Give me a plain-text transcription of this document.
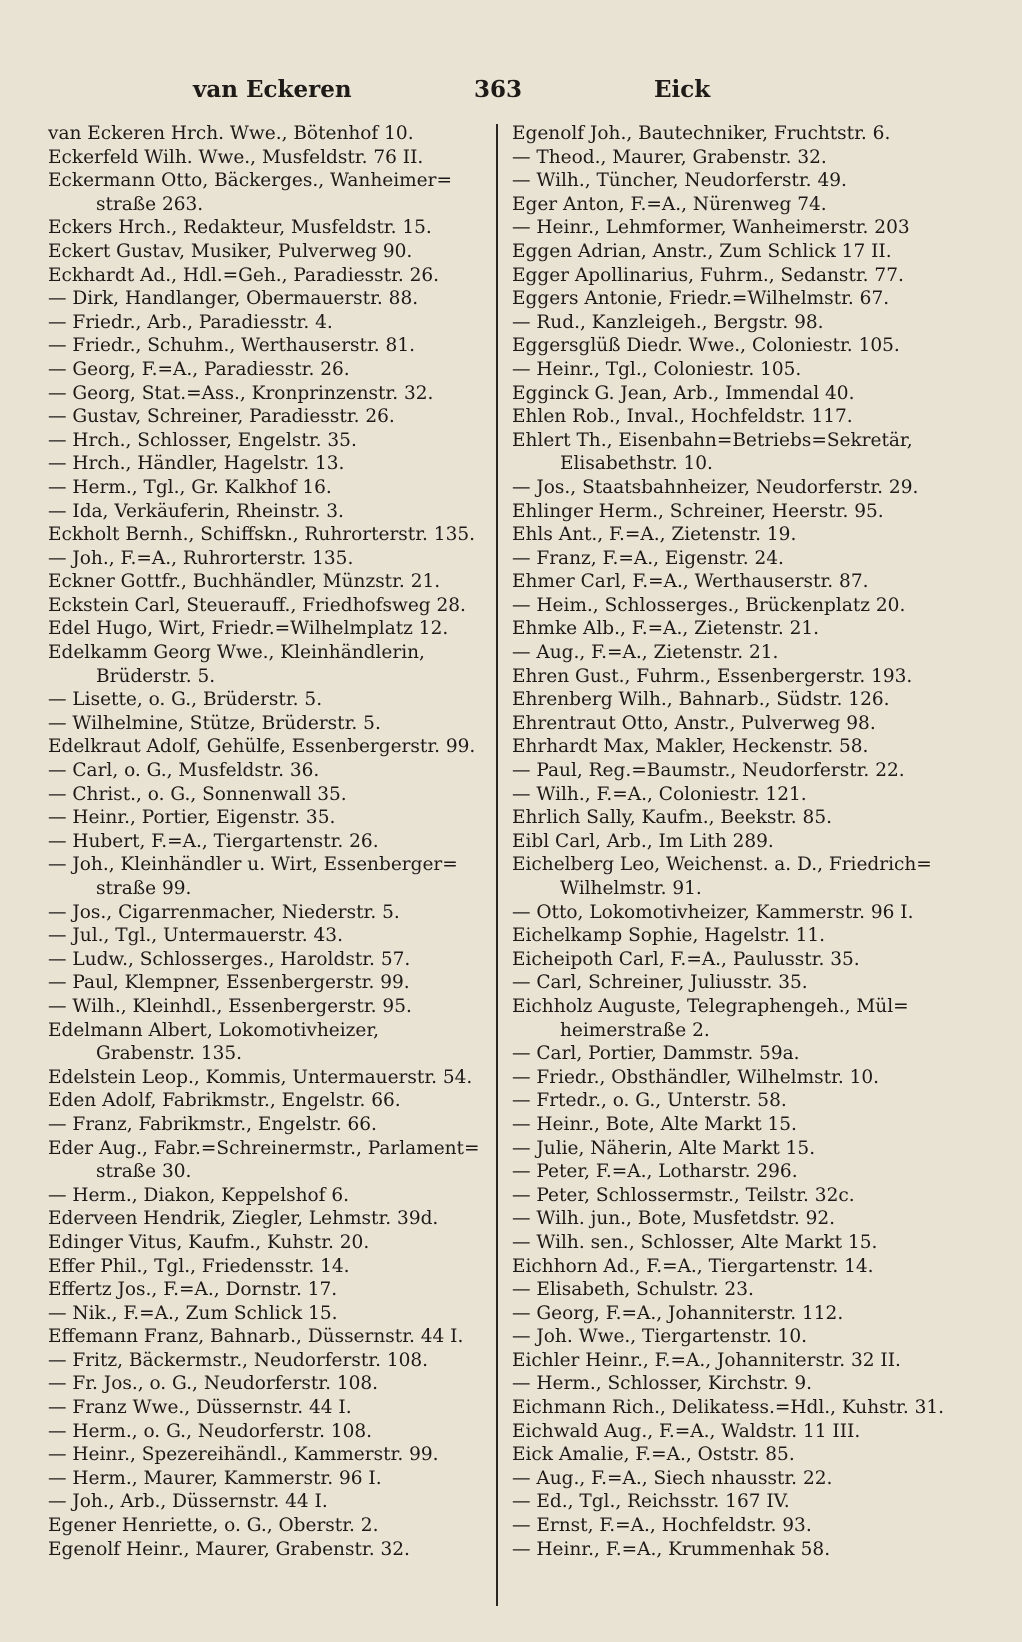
van Eckeren	363	Eick
van Eckeren Hrch. Wwe., Bötenhof 10.
Eckerfeld Wilh. Wwe., Musfeldstr. 76 II.
Eckermann Otto, Bäckerges., Wanheimer=
straße 263.
Eckers Hrch., Redakteur, Musfeldstr. 15.
Eckert Gustav, Musiker, Pulverweg 90.
Eckhardt Ad., Hdl.=Geh., Paradiesstr. 26.
— Dirk, Handlanger, Obermauerstr. 88.
— Friedr., Arb., Paradiesstr. 4.
— Friedr., Schuhm., Werthauserstr. 81.
— Georg, F.=A., Paradiesstr. 26.
— Georg, Stat.=Ass., Kronprinzenstr. 32.
— Gustav, Schreiner, Paradiesstr. 26.
— Hrch., Schlosser, Engelstr. 35.
— Hrch., Händler, Hagelstr. 13.
— Herm., Tgl., Gr. Kalkhof 16.
— Ida, Verkäuferin, Rheinstr. 3.
Eckholt Bernh., Schiffskn., Ruhrorterstr. 135.
— Joh., F.=A., Ruhrorterstr. 135.
Eckner Gottfr., Buchhändler, Münzstr. 21.
Eckstein Carl, Steuerauff., Friedhofsweg 28.
Edel Hugo, Wirt, Friedr.=Wilhelmplatz 12.
Edelkamm Georg Wwe., Kleinhändlerin,
Brüderstr. 5.
— Lisette, o. G., Brüderstr. 5.
— Wilhelmine, Stütze, Brüderstr. 5.
Edelkraut Adolf, Gehülfe, Essenbergerstr. 99.
— Carl, o. G., Musfeldstr. 36.
— Christ., o. G., Sonnenwall 35.
— Heinr., Portier, Eigenstr. 35.
— Hubert, F.=A., Tiergartenstr. 26.
— Joh., Kleinhändler u. Wirt, Essenberger=
straße 99.
— Jos., Cigarrenmacher, Niederstr. 5.
— Jul., Tgl., Untermauerstr. 43.
— Ludw., Schlosserges., Haroldstr. 57.
— Paul, Klempner, Essenbergerstr. 99.
— Wilh., Kleinhdl., Essenbergerstr. 95.
Edelmann Albert, Lokomotivheizer,
Grabenstr. 135.
Edelstein Leop., Kommis, Untermauerstr. 54.
Eden Adolf, Fabrikmstr., Engelstr. 66.
— Franz, Fabrikmstr., Engelstr. 66.
Eder Aug., Fabr.=Schreinermstr., Parlament=
straße 30.
— Herm., Diakon, Keppelshof 6.
Ederveen Hendrik, Ziegler, Lehmstr. 39d.
Edinger Vitus, Kaufm., Kuhstr. 20.
Effer Phil., Tgl., Friedensstr. 14.
Effertz Jos., F.=A., Dornstr. 17.
— Nik., F.=A., Zum Schlick 15.
Effemann Franz, Bahnarb., Düssernstr. 44 I.
— Fritz, Bäckermstr., Neudorferstr. 108.
— Fr. Jos., o. G., Neudorferstr. 108.
— Franz Wwe., Düssernstr. 44 I.
— Herm., o. G., Neudorferstr. 108.
— Heinr., Spezereihändl., Kammerstr. 99.
— Herm., Maurer, Kammerstr. 96 I.
— Joh., Arb., Düssernstr. 44 I.
Egener Henriette, o. G., Oberstr. 2.
Egenolf Heinr., Maurer, Grabenstr. 32.
Egenolf Joh., Bautechniker, Fruchtstr. 6.
— Theod., Maurer, Grabenstr. 32.
— Wilh., Tüncher, Neudorferstr. 49.
Eger Anton, F.=A., Nürenweg 74.
— Heinr., Lehmformer, Wanheimerstr. 203
Eggen Adrian, Anstr., Zum Schlick 17 II.
Egger Apollinarius, Fuhrm., Sedanstr. 77.
Eggers Antonie, Friedr.=Wilhelmstr. 67.
— Rud., Kanzleigeh., Bergstr. 98.
Eggersglüß Diedr. Wwe., Coloniestr. 105.
— Heinr., Tgl., Coloniestr. 105.
Egginck G. Jean, Arb., Immendal 40.
Ehlen Rob., Inval., Hochfeldstr. 117.
Ehlert Th., Eisenbahn=Betriebs=Sekretär,
Elisabethstr. 10.
— Jos., Staatsbahnheizer, Neudorferstr. 29.
Ehlinger Herm., Schreiner, Heerstr. 95.
Ehls Ant., F.=A., Zietenstr. 19.
— Franz, F.=A., Eigenstr. 24.
Ehmer Carl, F.=A., Werthauserstr. 87.
— Heim., Schlosserges., Brückenplatz 20.
Ehmke Alb., F.=A., Zietenstr. 21.
— Aug., F.=A., Zietenstr. 21.
Ehren Gust., Fuhrm., Essenbergerstr. 193.
Ehrenberg Wilh., Bahnarb., Südstr. 126.
Ehrentraut Otto, Anstr., Pulverweg 98.
Ehrhardt Max, Makler, Heckenstr. 58.
— Paul, Reg.=Baumstr., Neudorferstr. 22.
— Wilh., F.=A., Coloniestr. 121.
Ehrlich Sally, Kaufm., Beekstr. 85.
Eibl Carl, Arb., Im Lith 289.
Eichelberg Leo, Weichenst. a. D., Friedrich=
Wilhelmstr. 91.
— Otto, Lokomotivheizer, Kammerstr. 96 I.
Eichelkamp Sophie, Hagelstr. 11.
Eicheipoth Carl, F.=A., Paulusstr. 35.
— Carl, Schreiner, Juliusstr. 35.
Eichholz Auguste, Telegraphengeh., Mül=
heimerstraße 2.
— Carl, Portier, Dammstr. 59a.
— Friedr., Obsthändler, Wilhelmstr. 10.
— Frtedr., o. G., Unterstr. 58.
— Heinr., Bote, Alte Markt 15.
— Julie, Näherin, Alte Markt 15.
— Peter, F.=A., Lotharstr. 296.
— Peter, Schlossermstr., Teilstr. 32c.
— Wilh. jun., Bote, Musfetdstr. 92.
— Wilh. sen., Schlosser, Alte Markt 15.
Eichhorn Ad., F.=A., Tiergartenstr. 14.
— Elisabeth, Schulstr. 23.
— Georg, F.=A., Johanniterstr. 112.
— Joh. Wwe., Tiergartenstr. 10.
Eichler Heinr., F.=A., Johanniterstr. 32 II.
— Herm., Schlosser, Kirchstr. 9.
Eichmann Rich., Delikatess.=Hdl., Kuhstr. 31.
Eichwald Aug., F.=A., Waldstr. 11 III.
Eick Amalie, F.=A., Oststr. 85.
— Aug., F.=A., Siech nhausstr. 22.
— Ed., Tgl., Reichsstr. 167 IV.
— Ernst, F.=A., Hochfeldstr. 93.
— Heinr., F.=A., Krummenhak 58.
